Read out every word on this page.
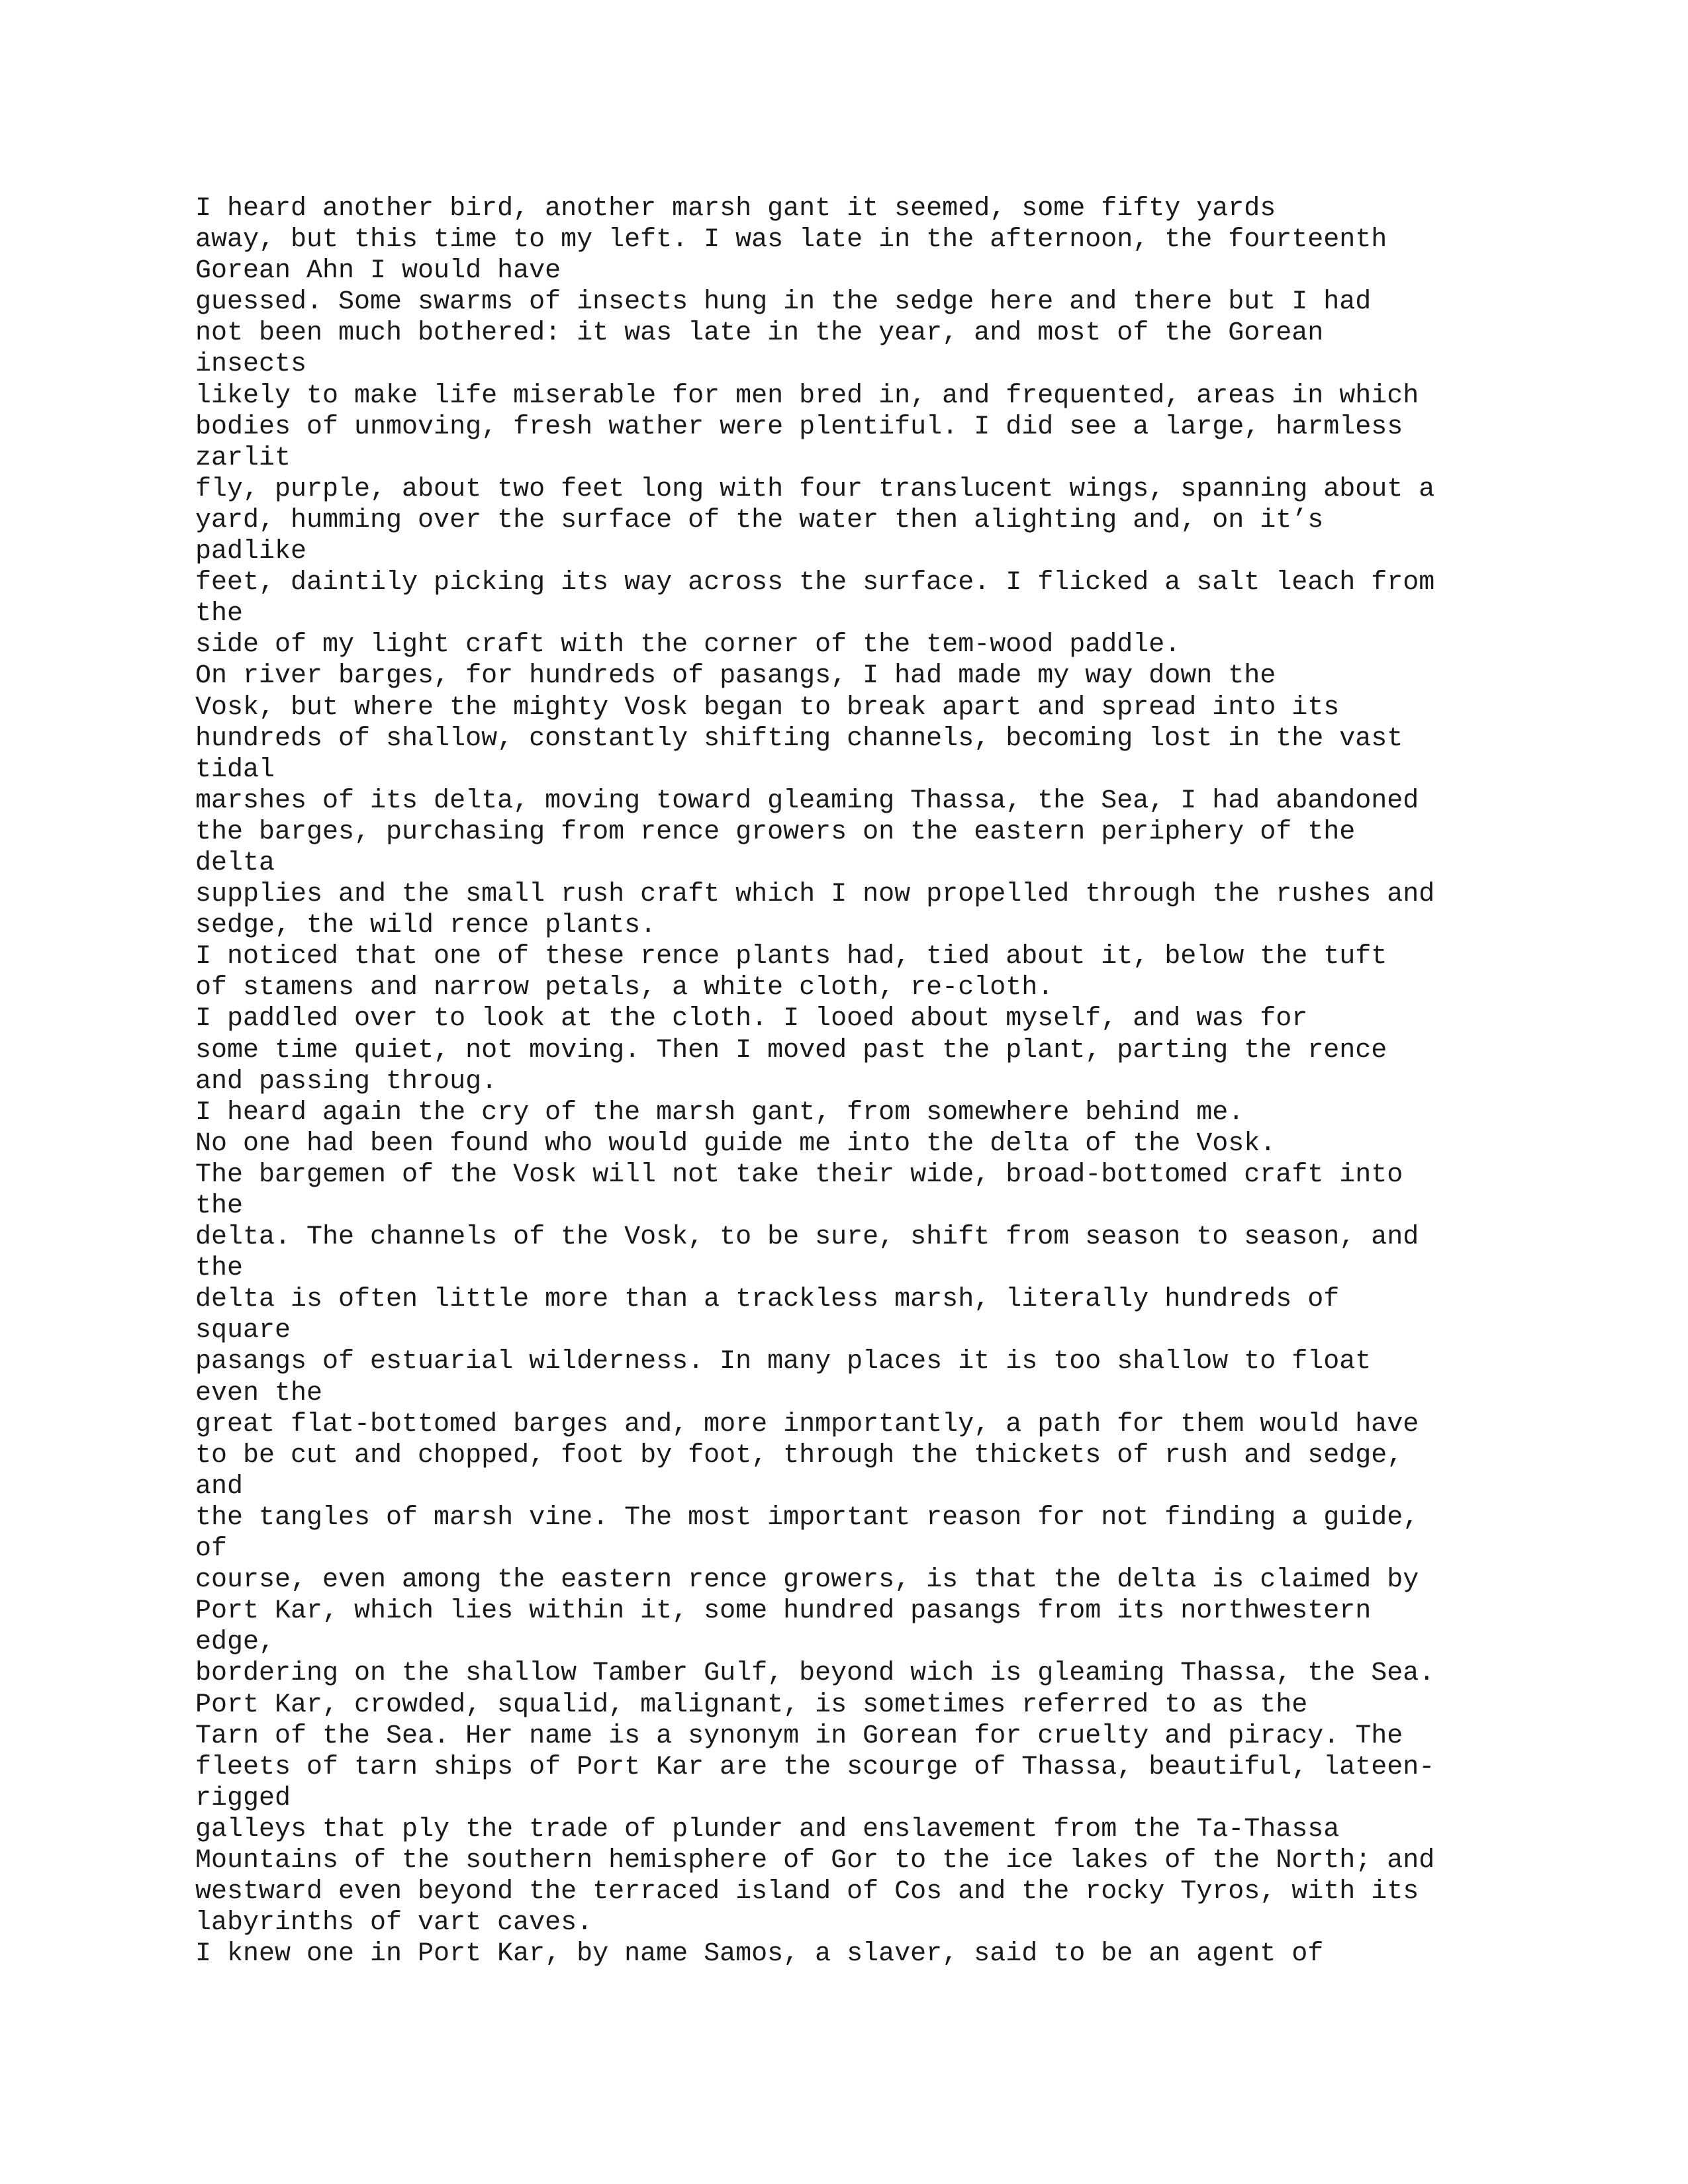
I heard another bird, another marsh gant it seemed, some fifty yards
away, but this time to my left. I was late in the afternoon, the fourteenth
Gorean Ahn I would have
guessed. Some swarms of insects hung in the sedge here and there but I had
not been much bothered: it was late in the year, and most of the Gorean
insects
likely to make life miserable for men bred in, and frequented, areas in which
bodies of unmoving, fresh wather were plentiful. I did see a large, harmless
zarlit
fly, purple, about two feet long with four translucent wings, spanning about a
yard, humming over the surface of the water then alighting and, on it’s
padlike
feet, daintily picking its way across the surface. I flicked a salt leach from
the
side of my light craft with the corner of the tem-wood paddle.
On river barges, for hundreds of pasangs, I had made my way down the
Vosk, but where the mighty Vosk began to break apart and spread into its
hundreds of shallow, constantly shifting channels, becoming lost in the vast
tidal
marshes of its delta, moving toward gleaming Thassa, the Sea, I had abandoned
the barges, purchasing from rence growers on the eastern periphery of the
delta
supplies and the small rush craft which I now propelled through the rushes and
sedge, the wild rence plants.
I noticed that one of these rence plants had, tied about it, below the tuft
of stamens and narrow petals, a white cloth, re-cloth.
I paddled over to look at the cloth. I looed about myself, and was for
some time quiet, not moving. Then I moved past the plant, parting the rence
and passing throug.
I heard again the cry of the marsh gant, from somewhere behind me.
No one had been found who would guide me into the delta of the Vosk.
The bargemen of the Vosk will not take their wide, broad-bottomed craft into
the
delta. The channels of the Vosk, to be sure, shift from season to season, and
the
delta is often little more than a trackless marsh, literally hundreds of
square
pasangs of estuarial wilderness. In many places it is too shallow to float
even the
great flat-bottomed barges and, more inmportantly, a path for them would have
to be cut and chopped, foot by foot, through the thickets of rush and sedge,
and
the tangles of marsh vine. The most important reason for not finding a guide,
of
course, even among the eastern rence growers, is that the delta is claimed by
Port Kar, which lies within it, some hundred pasangs from its northwestern
edge,
bordering on the shallow Tamber Gulf, beyond wich is gleaming Thassa, the Sea.
Port Kar, crowded, squalid, malignant, is sometimes referred to as the
Tarn of the Sea. Her name is a synonym in Gorean for cruelty and piracy. The
fleets of tarn ships of Port Kar are the scourge of Thassa, beautiful, lateen-
rigged
galleys that ply the trade of plunder and enslavement from the Ta-Thassa
Mountains of the southern hemisphere of Gor to the ice lakes of the North; and
westward even beyond the terraced island of Cos and the rocky Tyros, with its
labyrinths of vart caves.
I knew one in Port Kar, by name Samos, a slaver, said to be an agent of
